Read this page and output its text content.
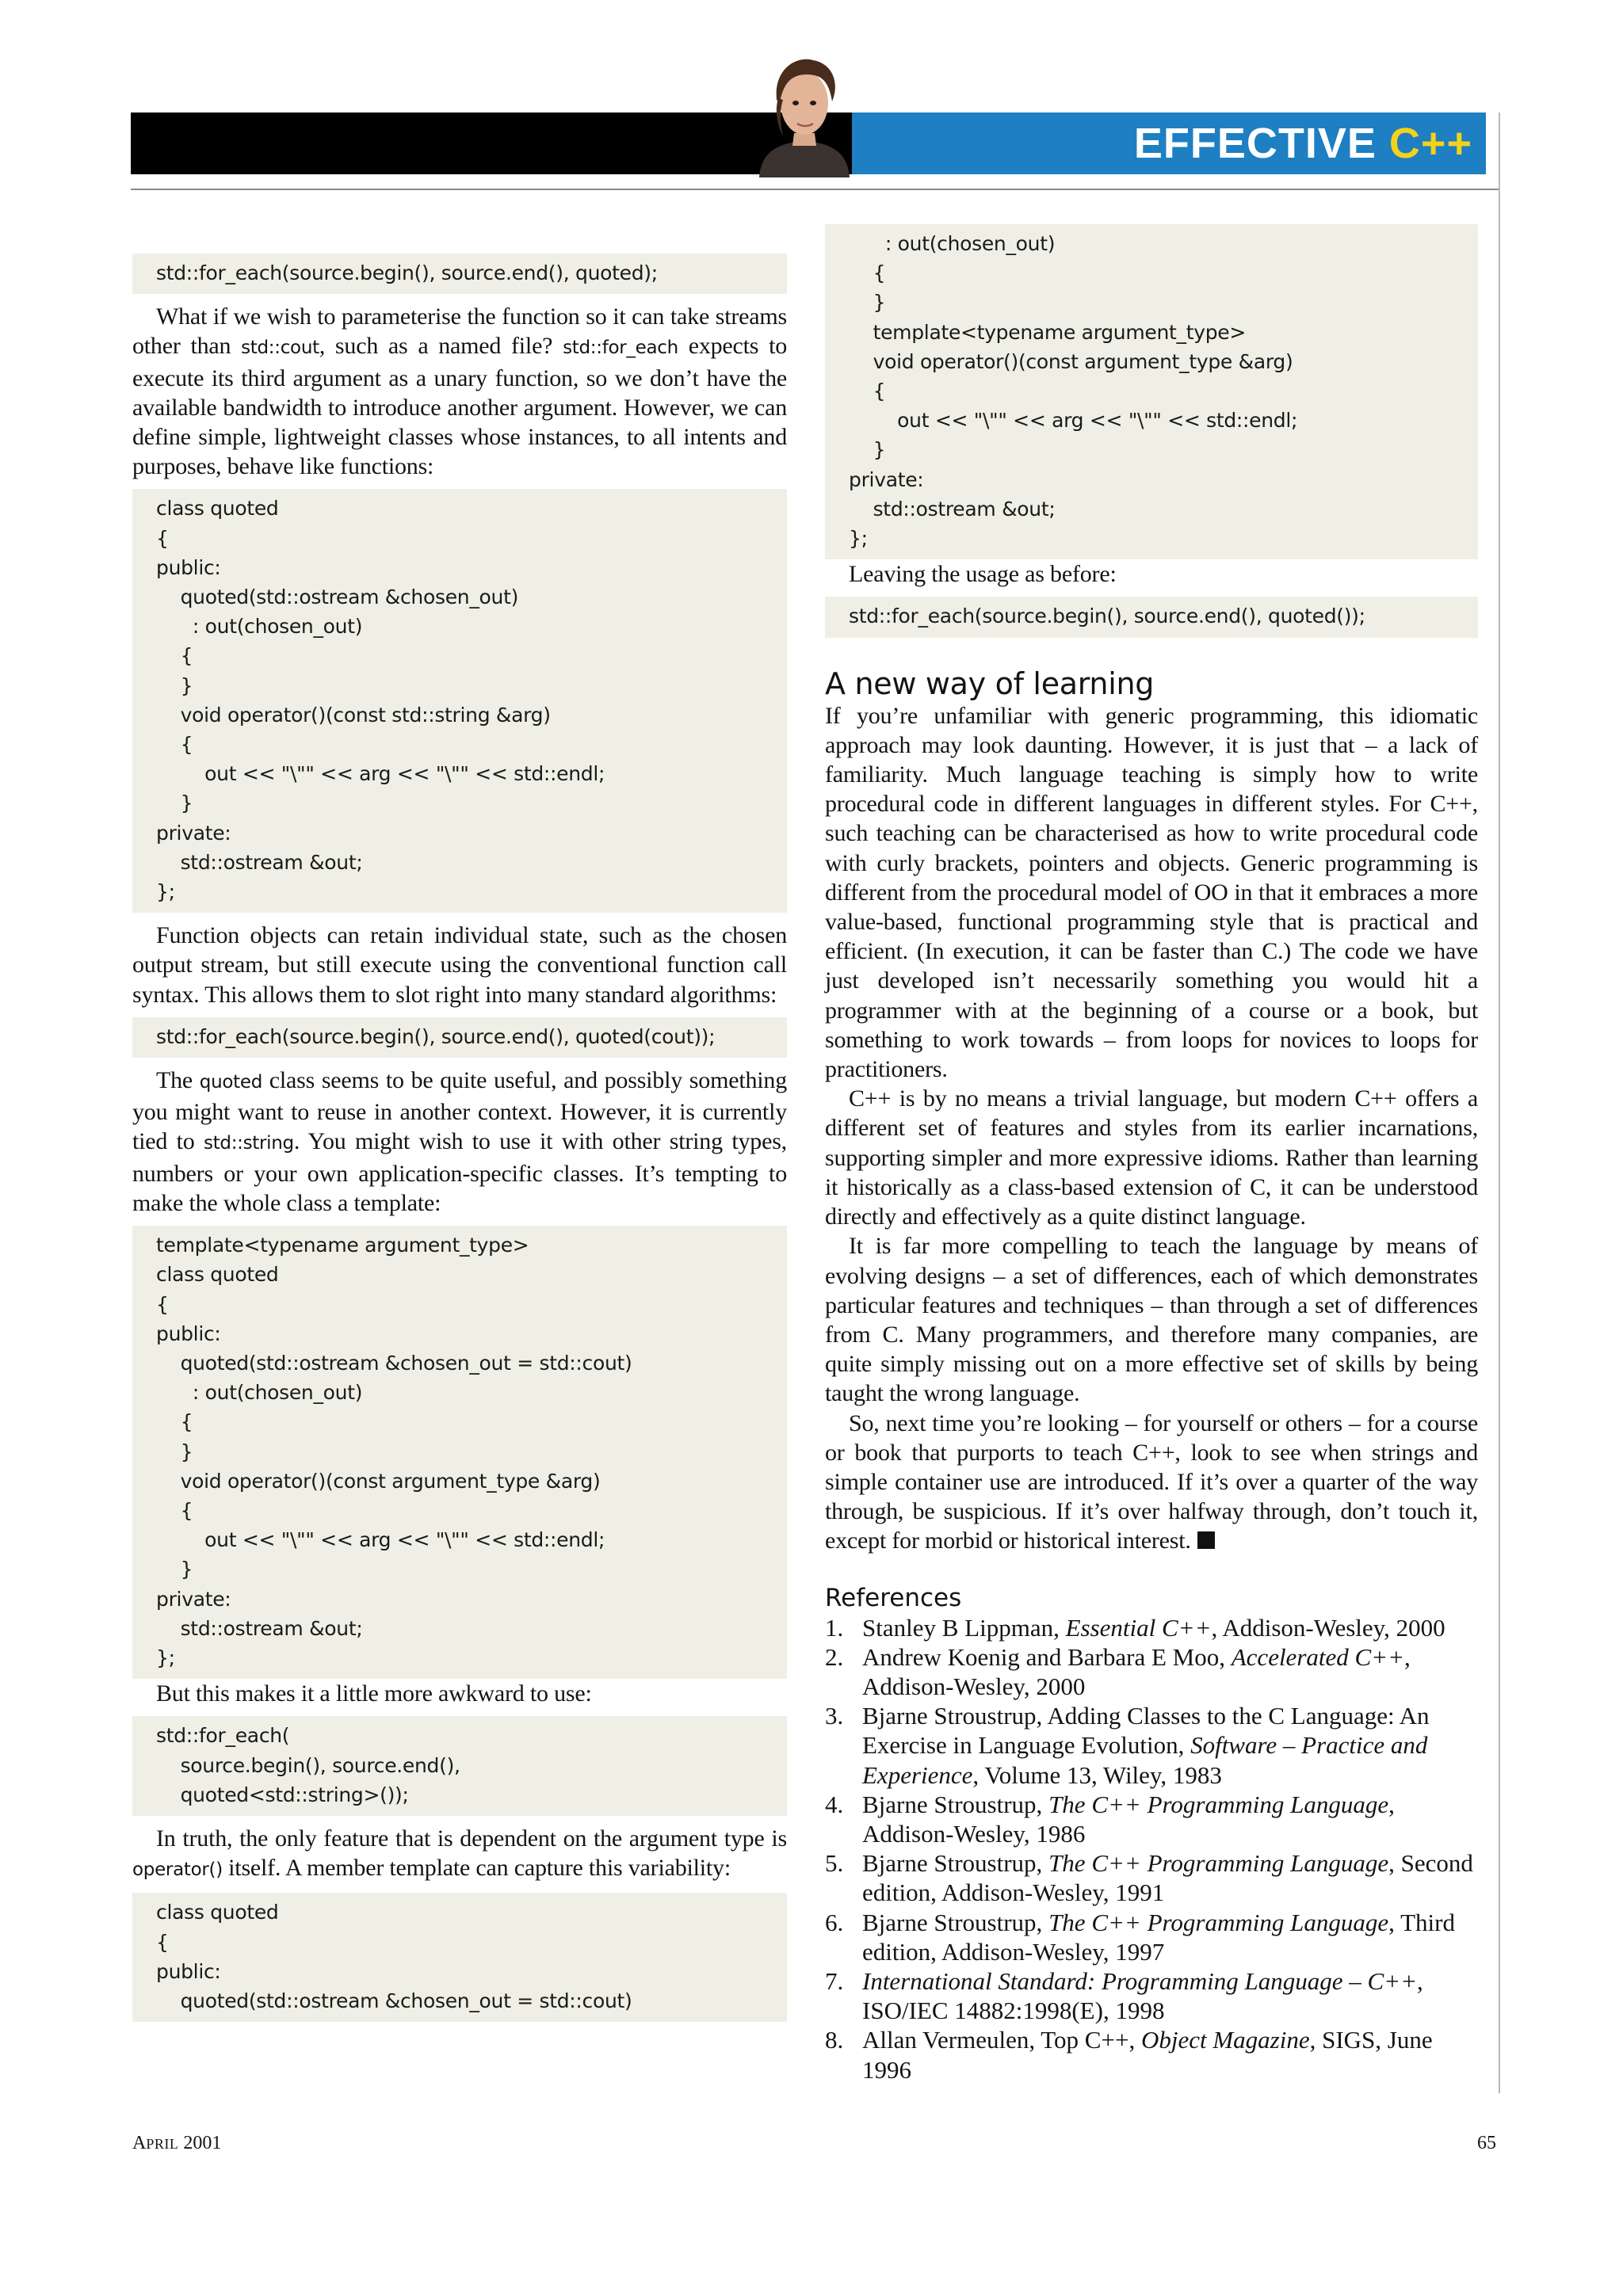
EFFECTIVE C++
std::for_each(source.begin(), source.end(), quoted);

What if we wish to parameterise the function so it can take streams other than std::cout, such as a named file? std::for_each expects to execute its third argument as a unary function, so we don’t have the available bandwidth to introduce another argument. However, we can define simple, lightweight classes whose instances, to all intents and purposes, behave like functions:

class quoted
{
public:
quoted(std::ostream &chosen_out)
: out(chosen_out)
{
}
void operator()(const std::string &arg)
{
out << "\"" << arg << "\"" << std::endl;
}
private:
std::ostream &out;
};

Function objects can retain individual state, such as the chosen output stream, but still execute using the conventional function call syntax. This allows them to slot right into many standard algorithms:

std::for_each(source.begin(), source.end(), quoted(cout));

The quoted class seems to be quite useful, and possibly something you might want to reuse in another context. However, it is currently tied to std::string. You might wish to use it with other string types, numbers or your own application-specific classes. It’s tempting to make the whole class a template:

template<typename argument_type>
class quoted
{
public:
quoted(std::ostream &chosen_out = std::cout)
: out(chosen_out)
{
}
void operator()(const argument_type &arg)
{
out << "\"" << arg << "\"" << std::endl;
}
private:
std::ostream &out;
};

But this makes it a little more awkward to use:

std::for_each(
source.begin(), source.end(),
quoted<std::string>());

In truth, the only feature that is dependent on the argument type is operator() itself. A member template can capture this variability:

class quoted
{
public:
quoted(std::ostream &chosen_out = std::cout)
: out(chosen_out)
{
}
template<typename argument_type>
void operator()(const argument_type &arg)
{
out << "\"" << arg << "\"" << std::endl;
}
private:
std::ostream &out;
};

Leaving the usage as before:

std::for_each(source.begin(), source.end(), quoted());
A new way of learning

If you’re unfamiliar with generic programming, this idiomatic approach may look daunting. However, it is just that – a lack of familiarity. Much language teaching is simply how to write procedural code in different languages in different styles. For C++, such teaching can be characterised as how to write procedural code with curly brackets, pointers and objects. Generic programming is different from the procedural model of OO in that it embraces a more value-based, functional programming style that is practical and efficient. (In execution, it can be faster than C.) The code we have just developed isn’t necessarily something you would hit a programmer with at the beginning of a course or a book, but something to work towards – from loops for novices to loops for practitioners.

C++ is by no means a trivial language, but modern C++ offers a different set of features and styles from its earlier incarnations, supporting simpler and more expressive idioms. Rather than learning it historically as a class-based extension of C, it can be understood directly and effectively as a quite distinct language.

It is far more compelling to teach the language by means of evolving designs – a set of differences, each of which demonstrates particular features and techniques – than through a set of differences from C. Many programmers, and therefore many companies, are quite simply missing out on a more effective set of skills by being taught the wrong language.

So, next time you’re looking – for yourself or others – for a course or book that purports to teach C++, look to see when strings and simple container use are introduced. If it’s over a quarter of the way through, be suspicious. If it’s over halfway through, don’t touch it, except for morbid or historical interest.

References
1. Stanley B Lippman, Essential C++, Addison-Wesley, 2000
2. Andrew Koenig and Barbara E Moo, Accelerated C++, Addison-Wesley, 2000
3. Bjarne Stroustrup, Adding Classes to the C Language: An Exercise in Language Evolution, Software – Practice and Experience, Volume 13, Wiley, 1983
4. Bjarne Stroustrup, The C++ Programming Language, Addison-Wesley, 1986
5. Bjarne Stroustrup, The C++ Programming Language, Second edition, Addison-Wesley, 1991
6. Bjarne Stroustrup, The C++ Programming Language, Third edition, Addison-Wesley, 1997
7. International Standard: Programming Language – C++, ISO/IEC 14882:1998(E), 1998
8. Allan Vermeulen, Top C++, Object Magazine, SIGS, June 1996
APRIL 2001	65
